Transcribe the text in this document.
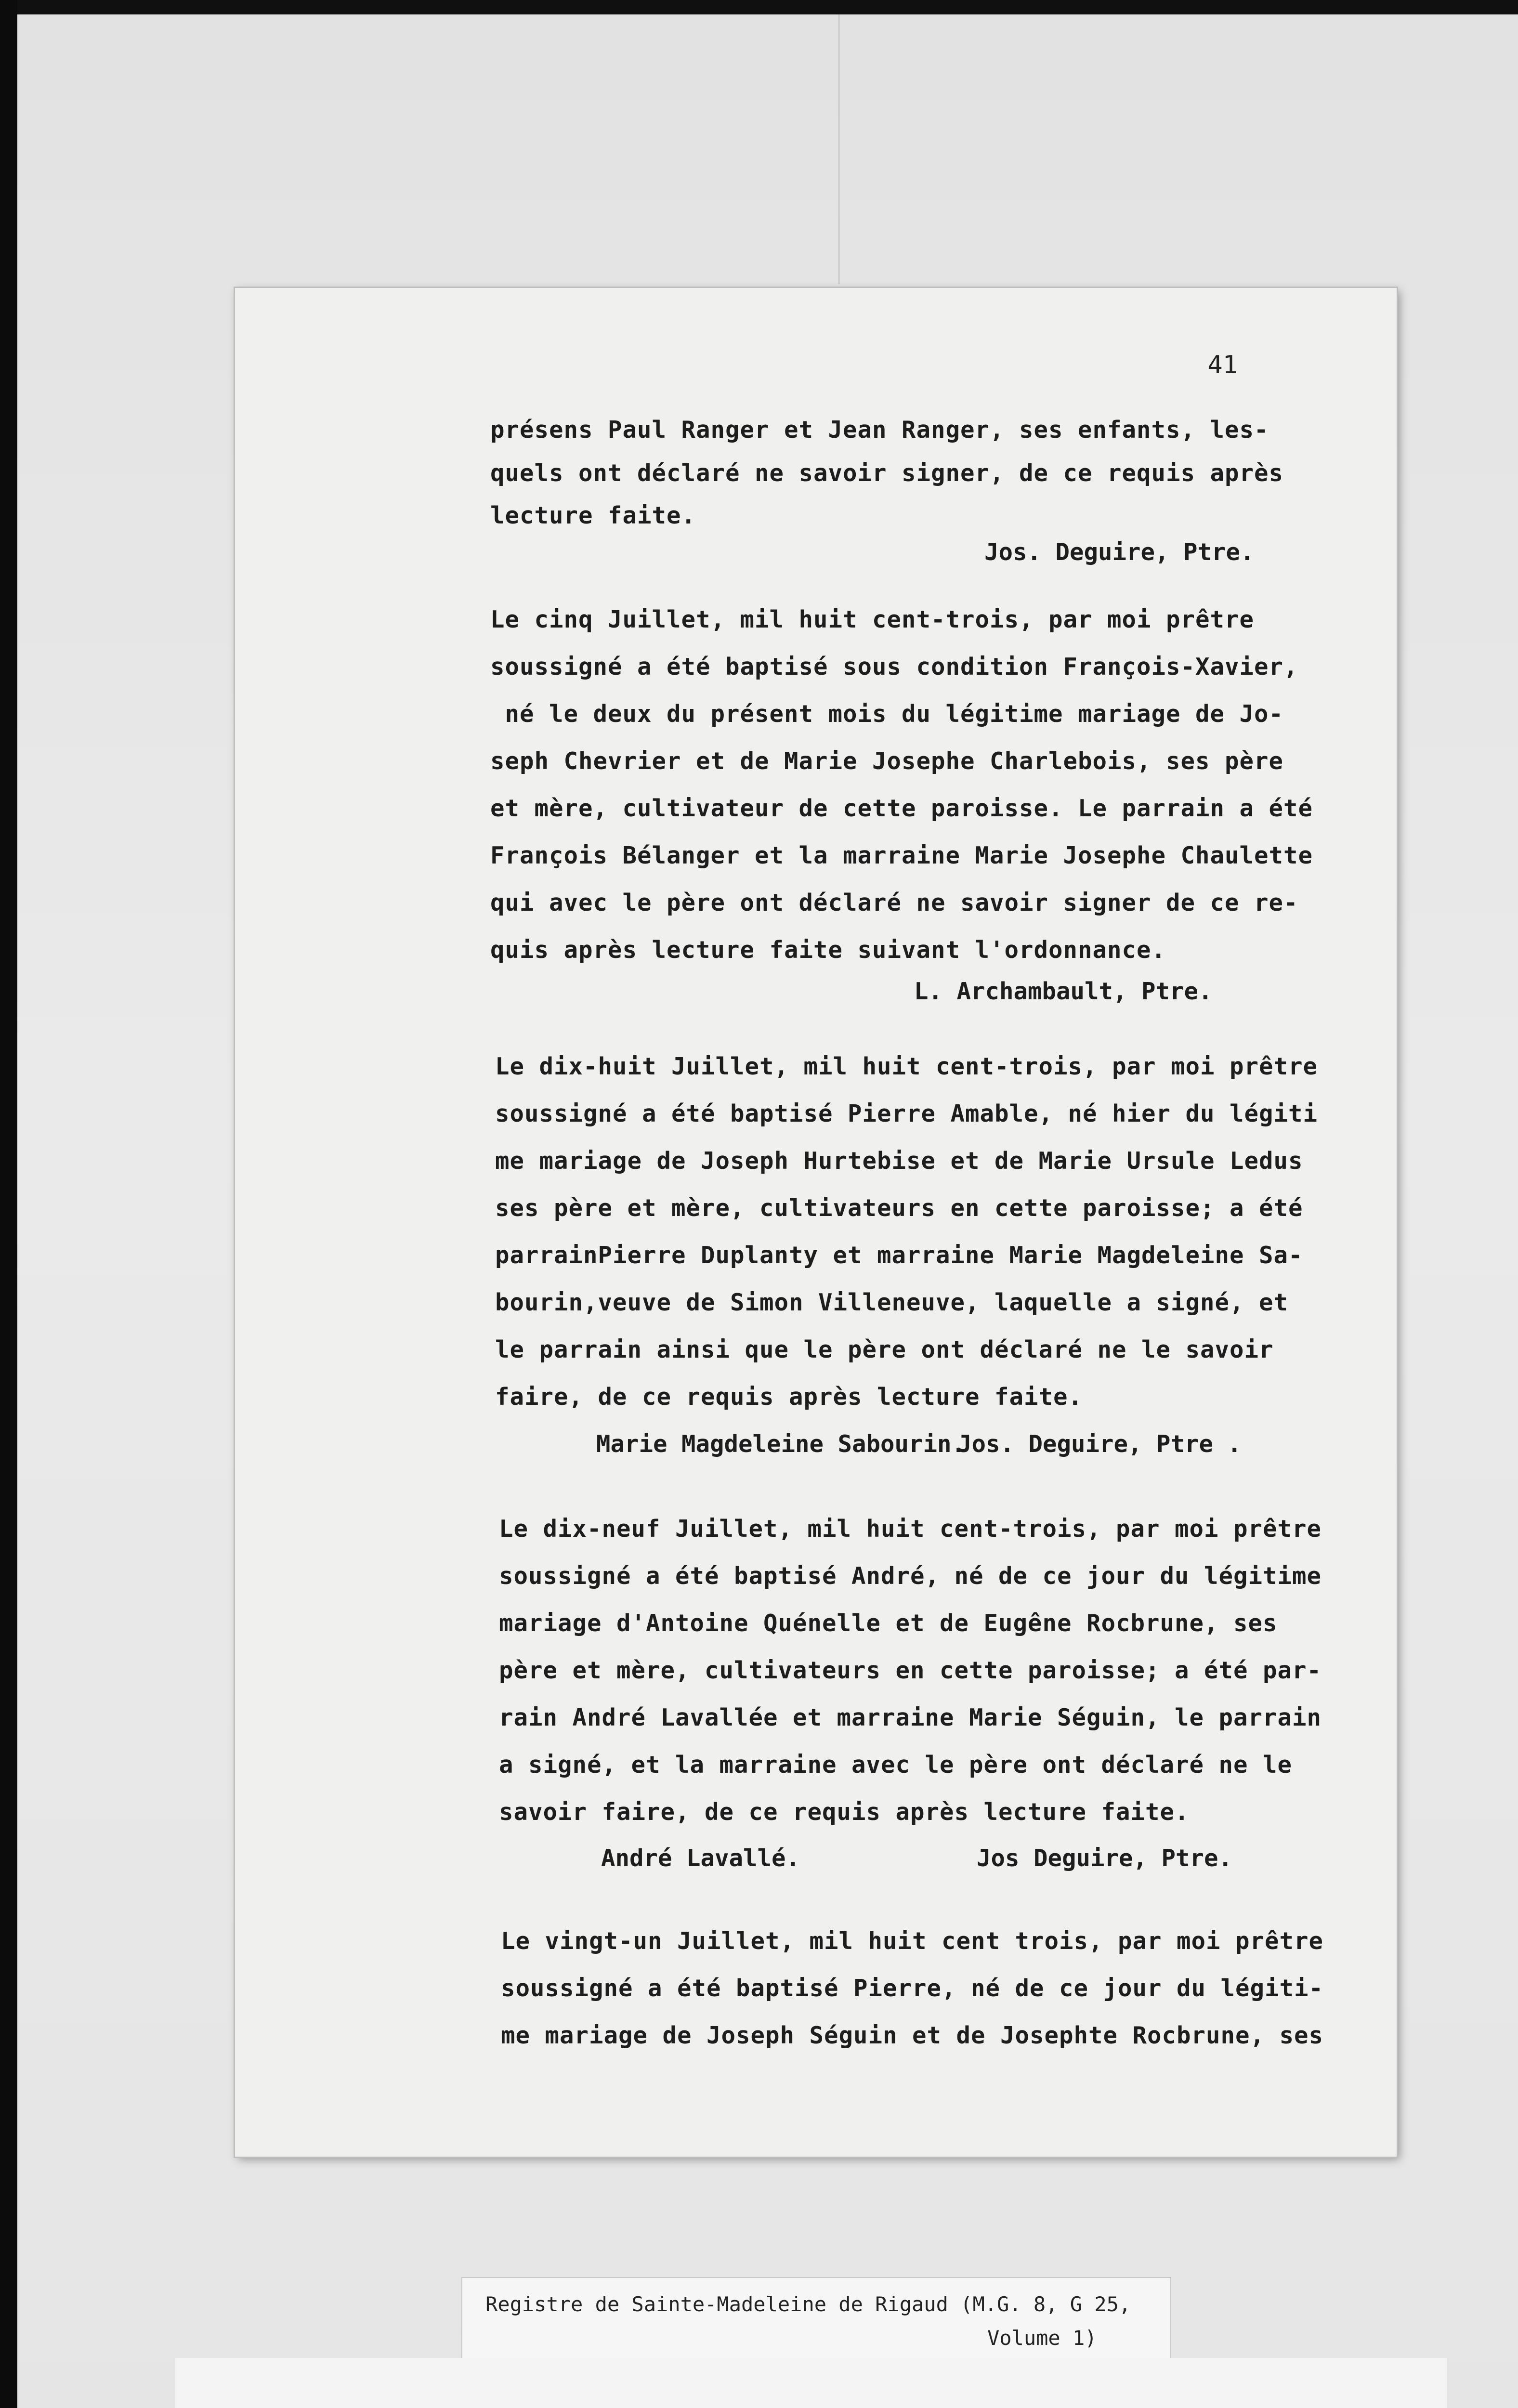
41
présens Paul Ranger et Jean Ranger, ses enfants, les-
quels ont déclaré ne savoir signer, de ce requis après
lecture faite.
Jos. Deguire, Ptre.
Le cinq Juillet, mil huit cent-trois, par moi prêtre
soussigné a été baptisé sous condition François-Xavier,
né le deux du présent mois du légitime mariage de Jo-
seph Chevrier et de Marie Josephe Charlebois, ses père
et mère, cultivateur de cette paroisse. Le parrain a été
François Bélanger et la marraine Marie Josephe Chaulette
qui avec le père ont déclaré ne savoir signer de ce re-
quis après lecture faite suivant l'ordonnance.
L. Archambault, Ptre.
Le dix-huit Juillet, mil huit cent-trois, par moi prêtre
soussigné a été baptisé Pierre Amable, né hier du légiti
me mariage de Joseph Hurtebise et de Marie Ursule Ledus
ses père et mère, cultivateurs en cette paroisse; a été
parrainPierre Duplanty et marraine Marie Magdeleine Sa-
bourin,veuve de Simon Villeneuve, laquelle a signé, et
le parrain ainsi que le père ont déclaré ne le savoir
faire, de ce requis après lecture faite.
Marie Magdeleine Sabourin.
Jos. Deguire, Ptre .
Le dix-neuf Juillet, mil huit cent-trois, par moi prêtre
soussigné a été baptisé André, né de ce jour du légitime
mariage d'Antoine Quénelle et de Eugêne Rocbrune, ses
père et mère, cultivateurs en cette paroisse; a été par-
rain André Lavallée et marraine Marie Séguin, le parrain
a signé, et la marraine avec le père ont déclaré ne le
savoir faire, de ce requis après lecture faite.
André Lavallé.	Jos Deguire, Ptre.
Le vingt-un Juillet, mil huit cent trois, par moi prêtre
soussigné a été baptisé Pierre, né de ce jour du légiti-
me mariage de Joseph Séguin et de Josephte Rocbrune, ses
Registre de Sainte-Madeleine de Rigaud (M.G. 8, G 25,
Volume 1)
